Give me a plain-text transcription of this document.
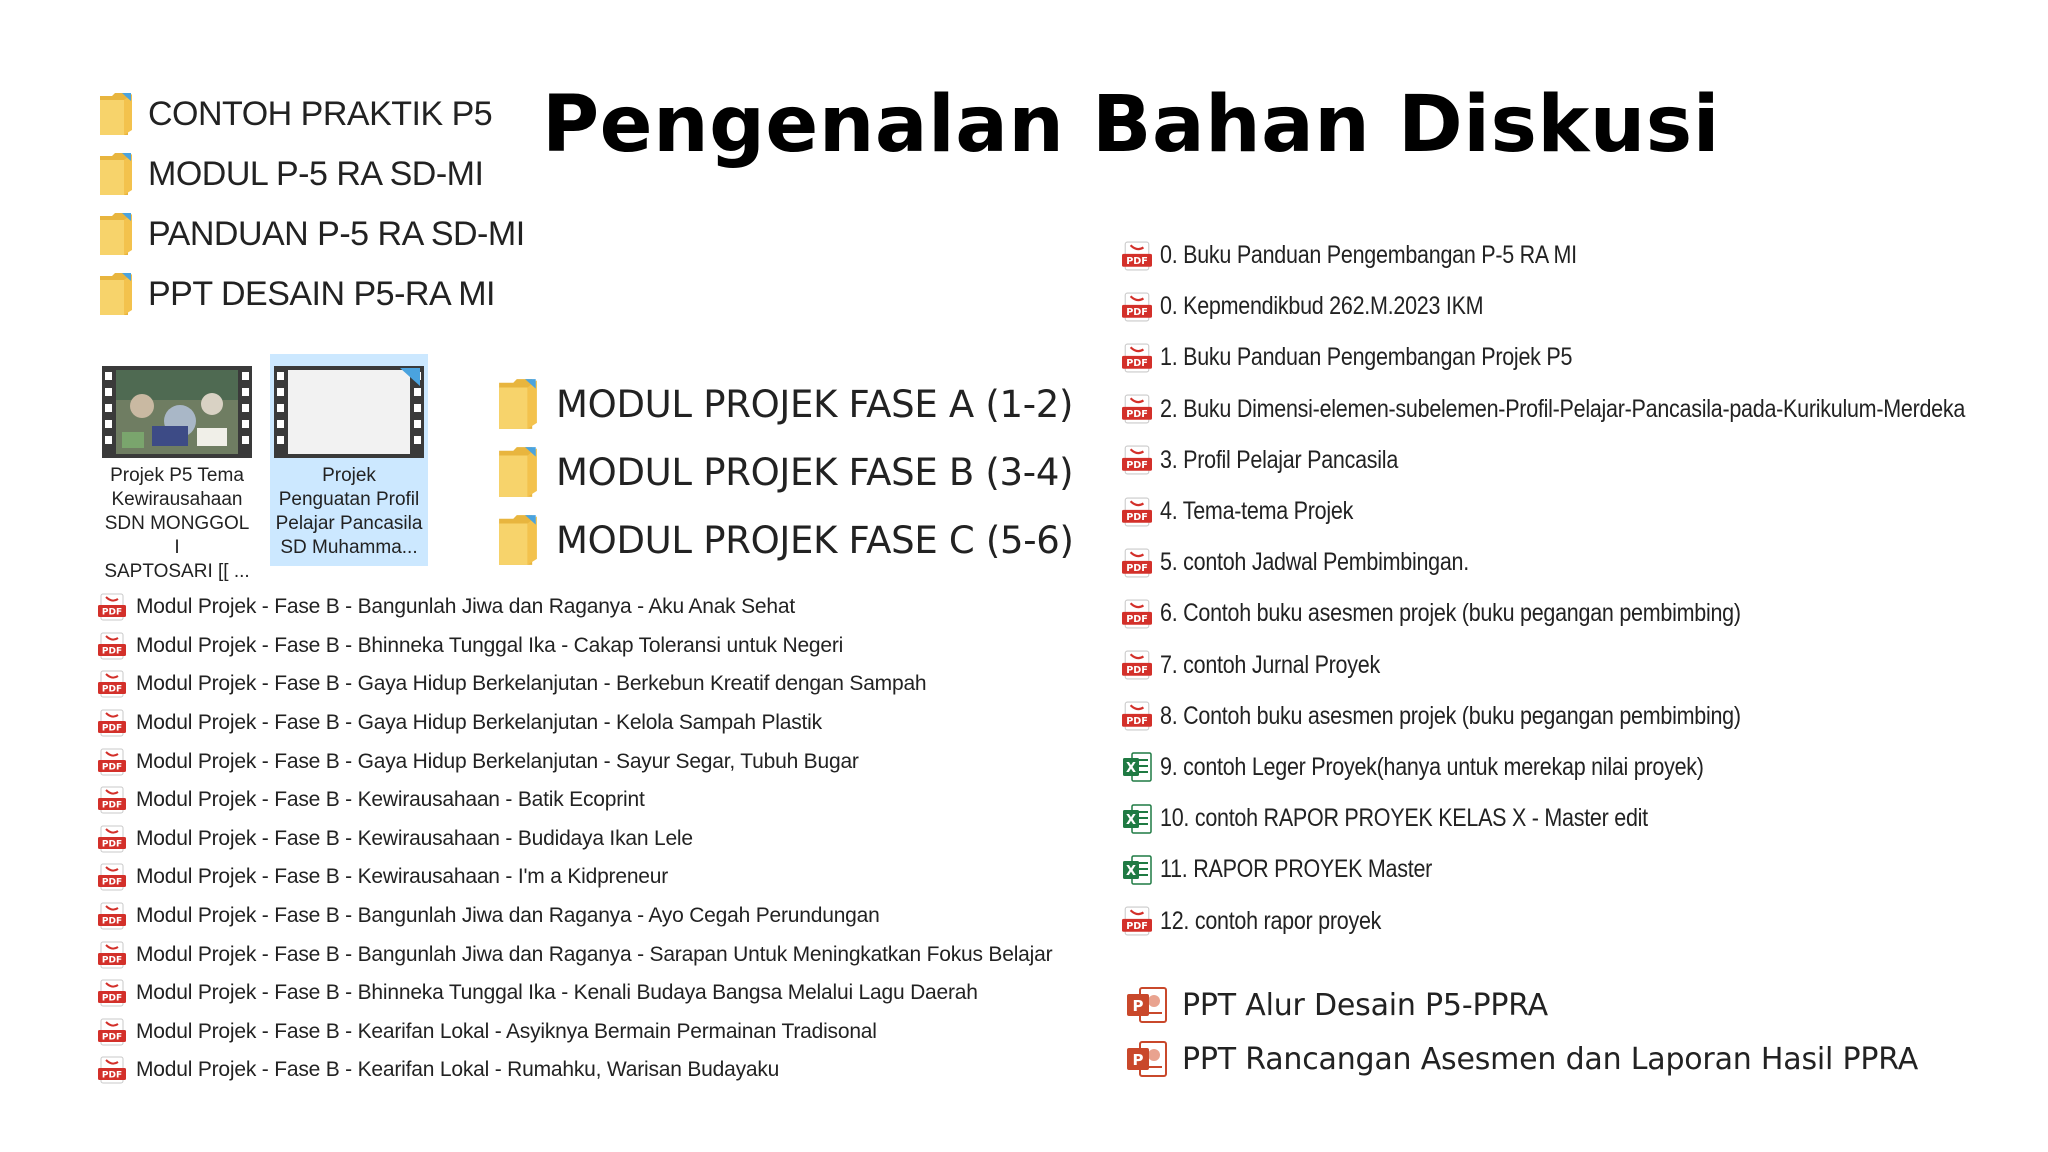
Pengenalan Bahan Diskusi
CONTOH PRAKTIK P5
MODUL P-5 RA SD-MI
PANDUAN P-5 RA SD-MI
PPT DESAIN P5-RA MI
Projek P5 Tema
Kewirausahaan
SDN MONGGOL I
SAPTOSARI [[ ...
Projek
Penguatan Profil
Pelajar Pancasila
SD Muhamma...
MODUL PROJEK FASE A (1-2)
MODUL PROJEK FASE B (3-4)
MODUL PROJEK FASE C (5-6)
Modul Projek - Fase B - Bangunlah Jiwa dan Raganya - Aku Anak Sehat
Modul Projek - Fase B - Bhinneka Tunggal Ika - Cakap Toleransi untuk Negeri
Modul Projek - Fase B - Gaya Hidup Berkelanjutan - Berkebun Kreatif dengan Sampah
Modul Projek - Fase B - Gaya Hidup Berkelanjutan - Kelola Sampah Plastik
Modul Projek - Fase B - Gaya Hidup Berkelanjutan - Sayur Segar, Tubuh Bugar
Modul Projek - Fase B - Kewirausahaan - Batik Ecoprint
Modul Projek - Fase B - Kewirausahaan - Budidaya Ikan Lele
Modul Projek - Fase B - Kewirausahaan - I'm a Kidpreneur
Modul Projek - Fase B - Bangunlah Jiwa dan Raganya - Ayo Cegah Perundungan
Modul Projek - Fase B - Bangunlah Jiwa dan Raganya - Sarapan Untuk Meningkatkan Fokus Belajar
Modul Projek - Fase B - Bhinneka Tunggal Ika - Kenali Budaya Bangsa Melalui Lagu Daerah
Modul Projek - Fase B - Kearifan Lokal - Asyiknya Bermain Permainan Tradisonal
Modul Projek - Fase B - Kearifan Lokal - Rumahku, Warisan Budayaku
0. Buku Panduan Pengembangan P-5 RA MI
0. Kepmendikbud 262.M.2023 IKM
1. Buku Panduan Pengembangan Projek P5
2. Buku Dimensi-elemen-subelemen-Profil-Pelajar-Pancasila-pada-Kurikulum-Merdeka
3. Profil Pelajar Pancasila
4. Tema-tema Projek
5. contoh Jadwal Pembimbingan.
6. Contoh buku asesmen projek (buku pegangan pembimbing)
7. contoh Jurnal Proyek
8. Contoh buku asesmen projek (buku pegangan pembimbing)
9. contoh Leger Proyek(hanya untuk merekap nilai proyek)
10. contoh RAPOR PROYEK KELAS X - Master edit
11. RAPOR PROYEK Master
12. contoh rapor proyek
PPT Alur Desain P5-PPRA
PPT Rancangan Asesmen dan Laporan Hasil PPRA
